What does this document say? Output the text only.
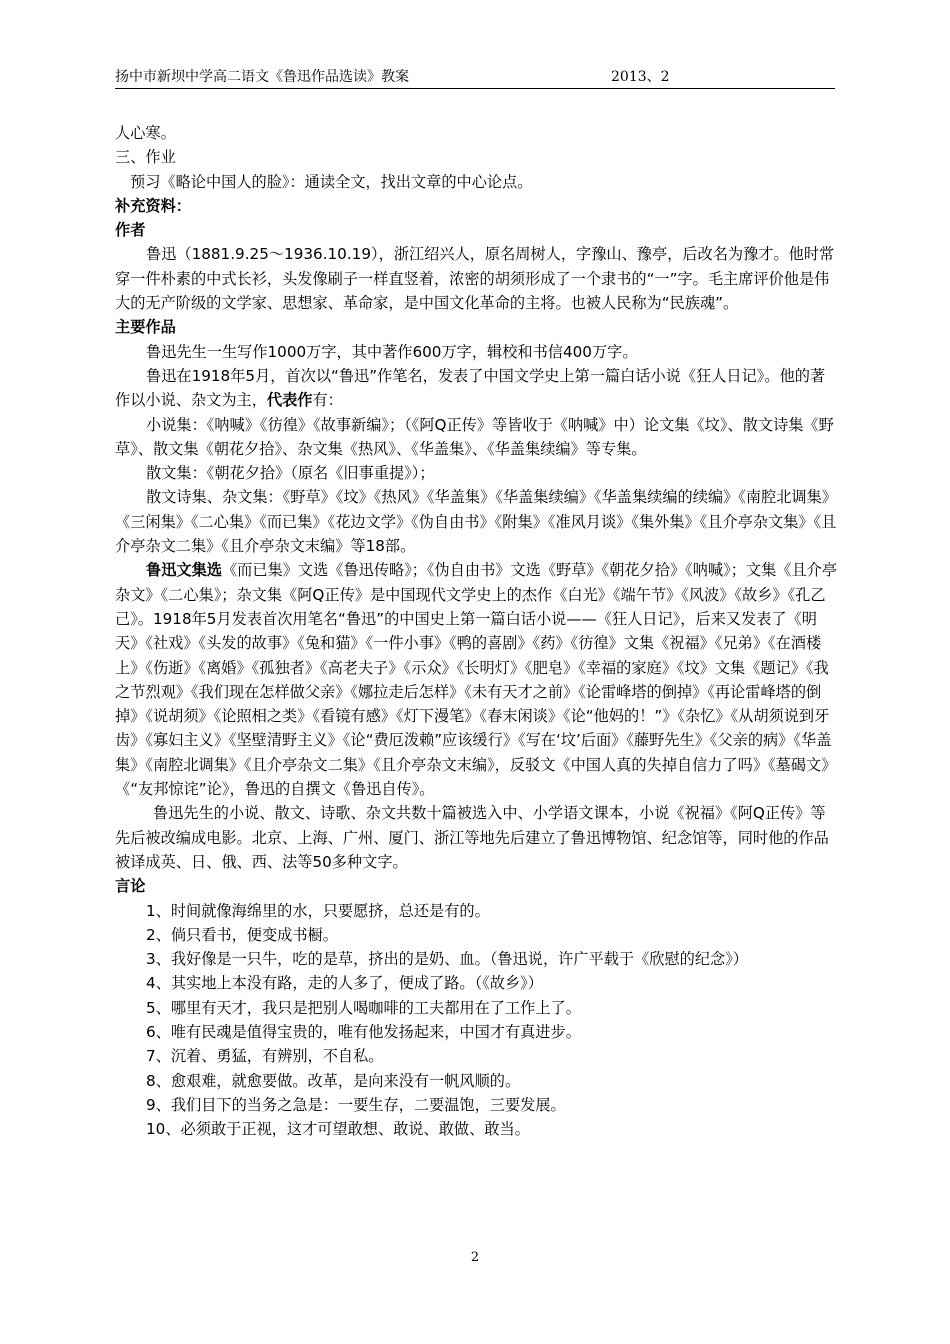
扬中市新坝中学高二语文《鲁迅作品选读》教案	2013、2

人心寒。

三、作业

预习《略论中国人的脸》：通读全文，找出文章的中心论点。

补充资料：

作者

鲁迅（1881.9.25～1936.10.19），浙江绍兴人，原名周树人，字豫山、豫亭，后改名为豫才。他时常穿一件朴素的中式长衫，头发像刷子一样直竖着，浓密的胡须形成了一个隶书的“一”字。毛主席评价他是伟大的无产阶级的文学家、思想家、革命家，是中国文化革命的主将。也被人民称为“民族魂”。

主要作品

鲁迅先生一生写作1000万字，其中著作600万字，辑校和书信400万字。

鲁迅在1918年5月，首次以“鲁迅”作笔名，发表了中国文学史上第一篇白话小说《狂人日记》。他的著作以小说、杂文为主，代表作有：

小说集：《呐喊》《彷徨》《故事新编》；（《阿Q正传》等皆收于《呐喊》中）论文集《坟》、散文诗集《野草》、散文集《朝花夕拾》、杂文集《热风》、《华盖集》、《华盖集续编》等专集。

散文集：《朝花夕拾》（原名《旧事重提》）；

散文诗集、杂文集：《野草》《坟》《热风》《华盖集》《华盖集续编》《华盖集续编的续编》《南腔北调集》《三闲集》《二心集》《而已集》《花边文学》《伪自由书》《附集》《准风月谈》《集外集》《且介亭杂文集》《且介亭杂文二集》《且介亭杂文末编》等18部。

鲁迅文集选《而已集》文选《鲁迅传略》；《伪自由书》文选《野草》《朝花夕拾》《呐喊》；文集《且介亭杂文》《二心集》；杂文集《阿Q正传》是中国现代文学史上的杰作《白光》《端午节》《风波》《故乡》《孔乙己》。1918年5月发表首次用笔名“鲁迅”的中国史上第一篇白话小说——《狂人日记》，后来又发表了《明天》《社戏》《头发的故事》《兔和猫》《一件小事》《鸭的喜剧》《药》《彷徨》文集《祝福》《兄弟》《在酒楼上》《伤逝》《离婚》《孤独者》《高老夫子》《示众》《长明灯》《肥皂》《幸福的家庭》《坟》文集《题记》《我之节烈观》《我们现在怎样做父亲》《娜拉走后怎样》《未有天才之前》《论雷峰塔的倒掉》《再论雷峰塔的倒掉》《说胡须》《论照相之类》《看镜有感》《灯下漫笔》《春末闲谈》《论“他妈的！”》《杂忆》《从胡须说到牙齿》《寡妇主义》《坚壁清野主义》《论“费厄泼赖”应该缓行》《写在‘坟’后面》《藤野先生》《父亲的病》《华盖集》《南腔北调集》《且介亭杂文二集》《且介亭杂文末编》，反驳文《中国人真的失掉自信力了吗》《墓碣文》《“友邦惊诧”论》，鲁迅的自撰文《鲁迅自传》。

鲁迅先生的小说、散文、诗歌、杂文共数十篇被选入中、小学语文课本，小说《祝福》《阿Q正传》等先后被改编成电影。北京、上海、广州、厦门、浙江等地先后建立了鲁迅博物馆、纪念馆等，同时他的作品被译成英、日、俄、西、法等50多种文字。

言论

1、时间就像海绵里的水，只要愿挤，总还是有的。

2、倘只看书，便变成书橱。

3、我好像是一只牛，吃的是草，挤出的是奶、血。（鲁迅说，许广平载于《欣慰的纪念》）

4、其实地上本没有路，走的人多了，便成了路。（《故乡》）

5、哪里有天才，我只是把别人喝咖啡的工夫都用在了工作上了。

6、唯有民魂是值得宝贵的，唯有他发扬起来，中国才有真进步。

7、沉着、勇猛，有辨别，不自私。

8、愈艰难，就愈要做。改革，是向来没有一帆风顺的。

9、我们目下的当务之急是：一要生存，二要温饱，三要发展。

10、必须敢于正视，这才可望敢想、敢说、敢做、敢当。

2
